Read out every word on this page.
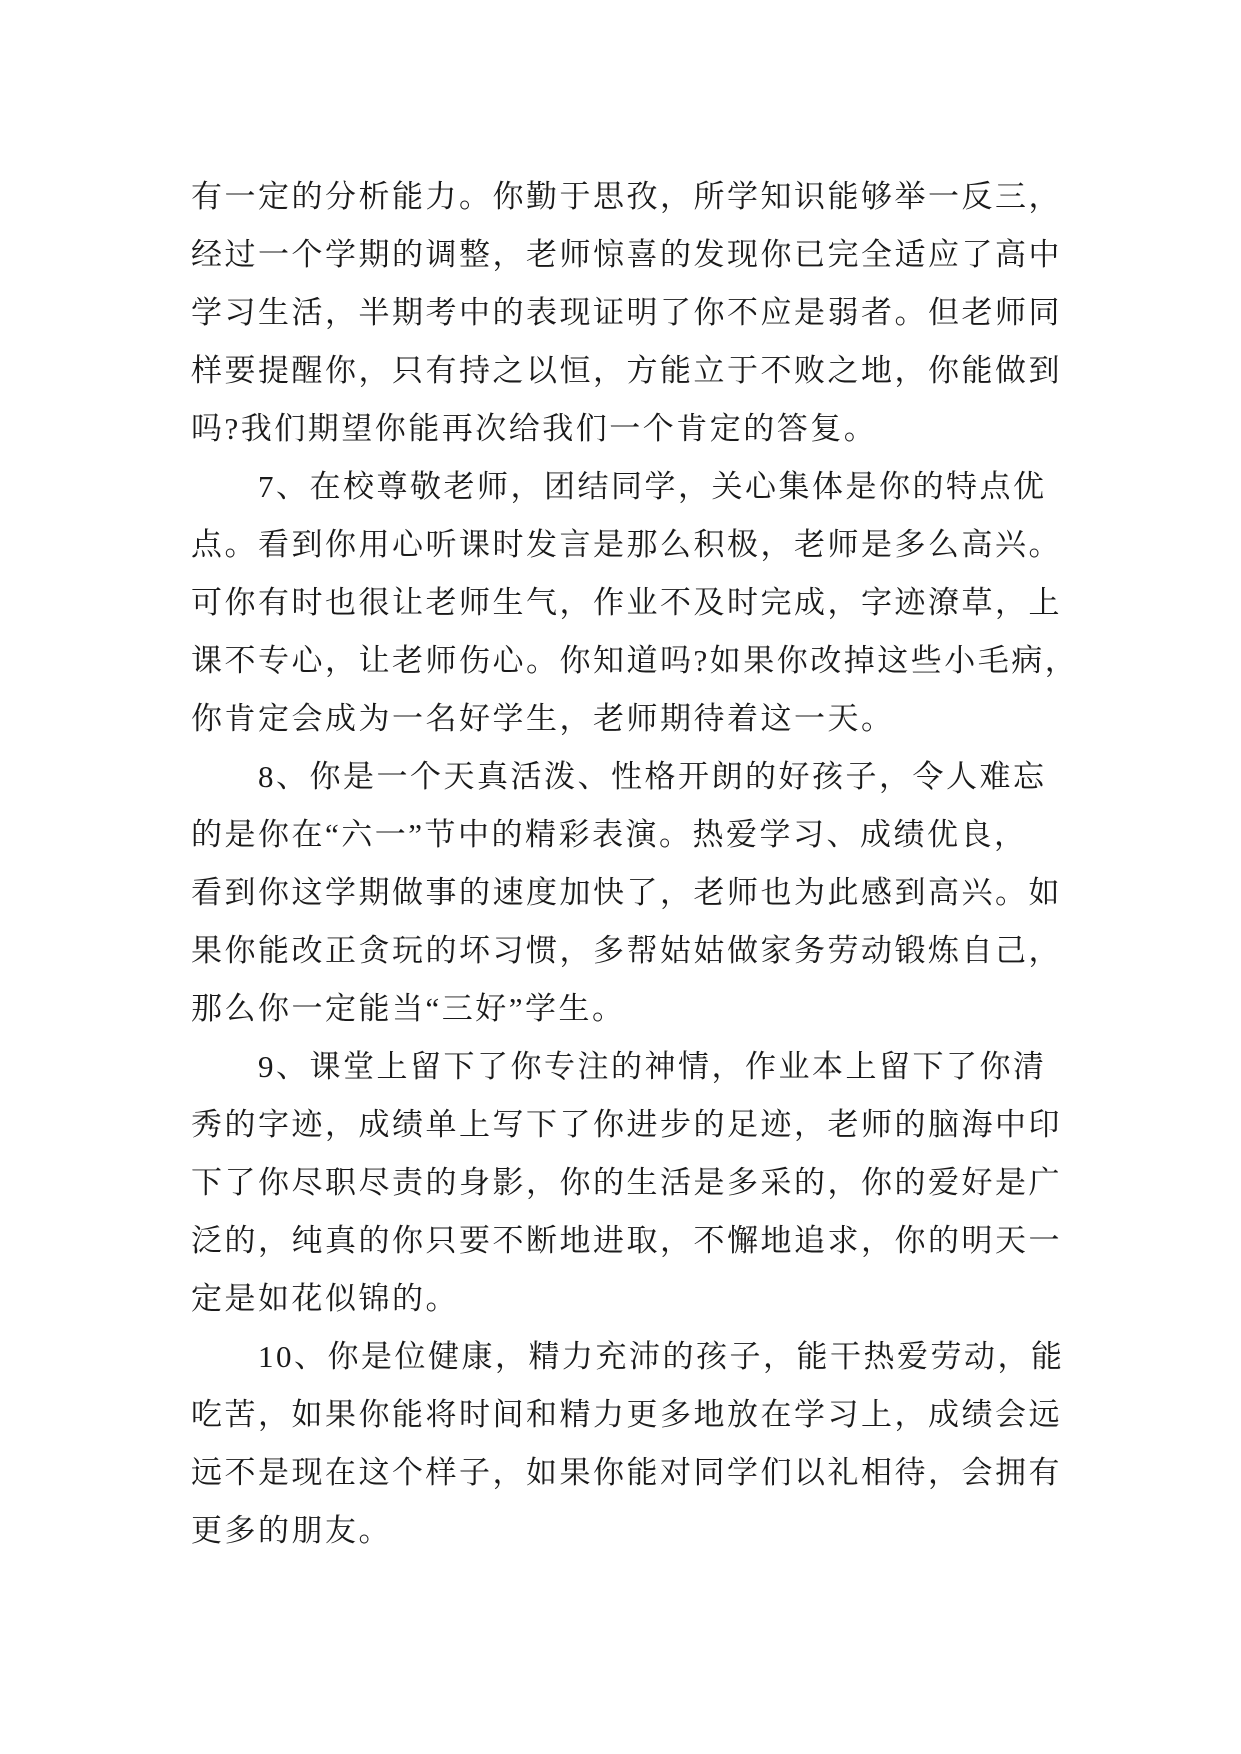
有一定的分析能力。你勤于思孜，所学知识能够举一反三，
经过一个学期的调整，老师惊喜的发现你已完全适应了高中
学习生活，半期考中的表现证明了你不应是弱者。但老师同
样要提醒你，只有持之以恒，方能立于不败之地，你能做到
吗?我们期望你能再次给我们一个肯定的答复。
7、在校尊敬老师，团结同学，关心集体是你的特点优
点。看到你用心听课时发言是那么积极，老师是多么高兴。
可你有时也很让老师生气，作业不及时完成，字迹潦草，上
课不专心，让老师伤心。你知道吗?如果你改掉这些小毛病，
你肯定会成为一名好学生，老师期待着这一天。
8、你是一个天真活泼、性格开朗的好孩子，令人难忘
的是你在“六一”节中的精彩表演。热爱学习、成绩优良，
看到你这学期做事的速度加快了，老师也为此感到高兴。如
果你能改正贪玩的坏习惯，多帮姑姑做家务劳动锻炼自己，
那么你一定能当“三好”学生。
9、课堂上留下了你专注的神情，作业本上留下了你清
秀的字迹，成绩单上写下了你进步的足迹，老师的脑海中印
下了你尽职尽责的身影，你的生活是多采的，你的爱好是广
泛的，纯真的你只要不断地进取，不懈地追求，你的明天一
定是如花似锦的。
10、你是位健康，精力充沛的孩子，能干热爱劳动，能
吃苦，如果你能将时间和精力更多地放在学习上，成绩会远
远不是现在这个样子，如果你能对同学们以礼相待，会拥有
更多的朋友。
